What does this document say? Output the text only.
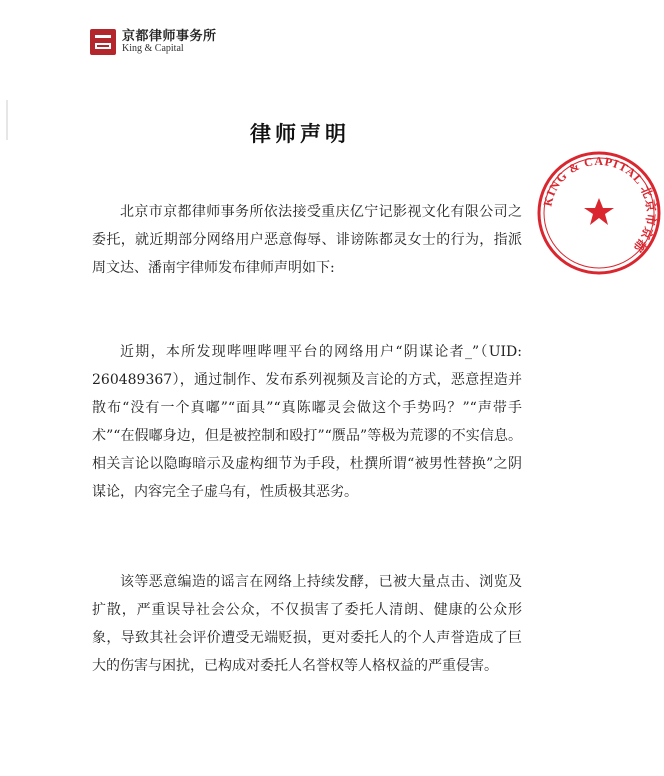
京都律师事务所
King & Capital
律师声明

北京市京都律师事务所依法接受重庆亿宁记影视文化有限公司之委托，就近期部分网络用户恶意侮辱、诽谤陈都灵女士的行为，指派周文达、潘南宇律师发布律师声明如下:

近期，本所发现哔哩哔哩平台的网络用户“阴谋论者_”（UID: 260489367），通过制作、发布系列视频及言论的方式，恶意捏造并散布“没有一个真嘟”“面具”“真陈嘟灵会做这个手势吗？”“声带手术”“在假嘟身边，但是被控制和殴打”“赝品”等极为荒谬的不实信息。相关言论以隐晦暗示及虚构细节为手段，杜撰所谓“被男性替换”之阴谋论，内容完全子虚乌有，性质极其恶劣。

该等恶意编造的谣言在网络上持续发酵，已被大量点击、浏览及扩散，严重误导社会公众，不仅损害了委托人清朗、健康的公众形象，导致其社会评价遭受无端贬损，更对委托人的个人声誉造成了巨大的伤害与困扰，已构成对委托人名誉权等人格权益的严重侵害。

KING & CAPITAL 北京市京都
